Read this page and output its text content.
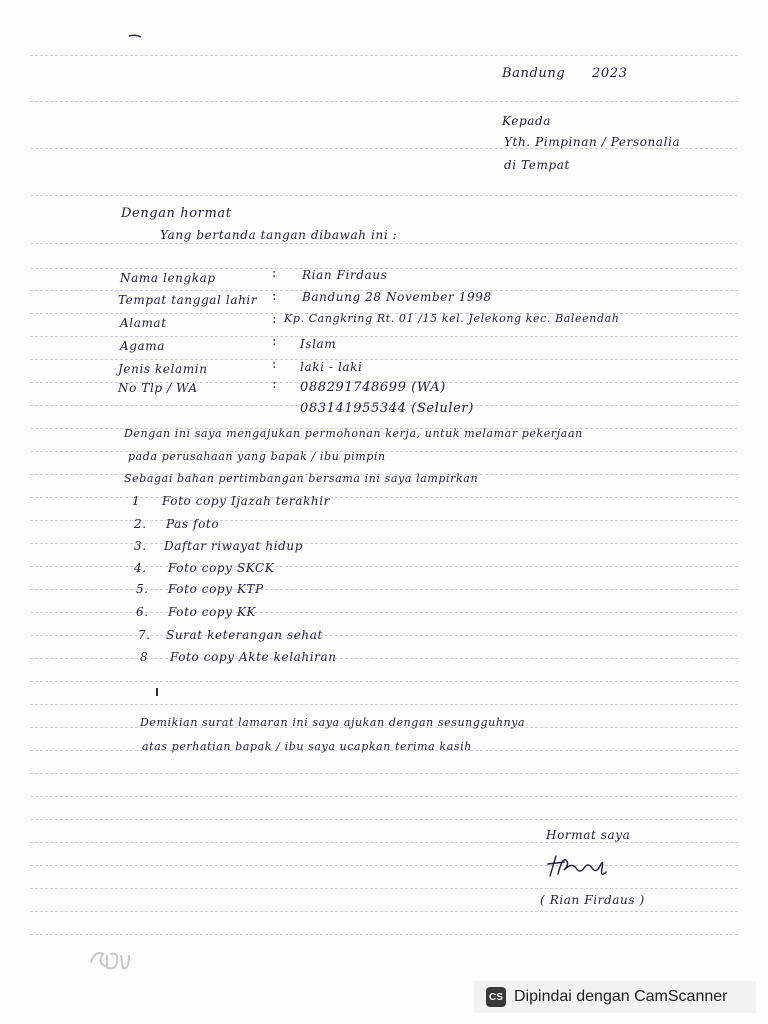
Bandung 2023
Kepada
Yth. Pimpinan / Personalia
di Tempat
Dengan hormat
Yang bertanda tangan dibawah ini :
Nama lengkap	: Rian Firdaus
Tempat tanggal lahir : Bandung 28 November 1998
Alamat	: Kp. Cangkring Rt. 01 /15 kel. Jelekong kec. Baleendah
Agama	: Islam
Jenis kelamin	: laki - laki
No Tlp / WA	: 088291748699 (WA)
083141955344 (Seluler)
Dengan ini saya mengajukan permohonan kerja, untuk melamar pekerjaan
pada perusahaan yang bapak / ibu pimpin
Sebagai bahan pertimbangan bersama ini saya lampirkan
1 Foto copy Ijazah terakhir
2. Pas foto
3. Daftar riwayat hidup
4. Foto copy SKCK
5. Foto copy KTP
6. Foto copy KK
7. Surat keterangan sehat
8 Foto copy Akte kelahiran
Demikian surat lamaran ini saya ajukan dengan sesungguhnya
atas perhatian bapak / ibu saya ucapkan terima kasih
Hormat saya
( Rian Firdaus )
CS Dipindai dengan CamScanner
